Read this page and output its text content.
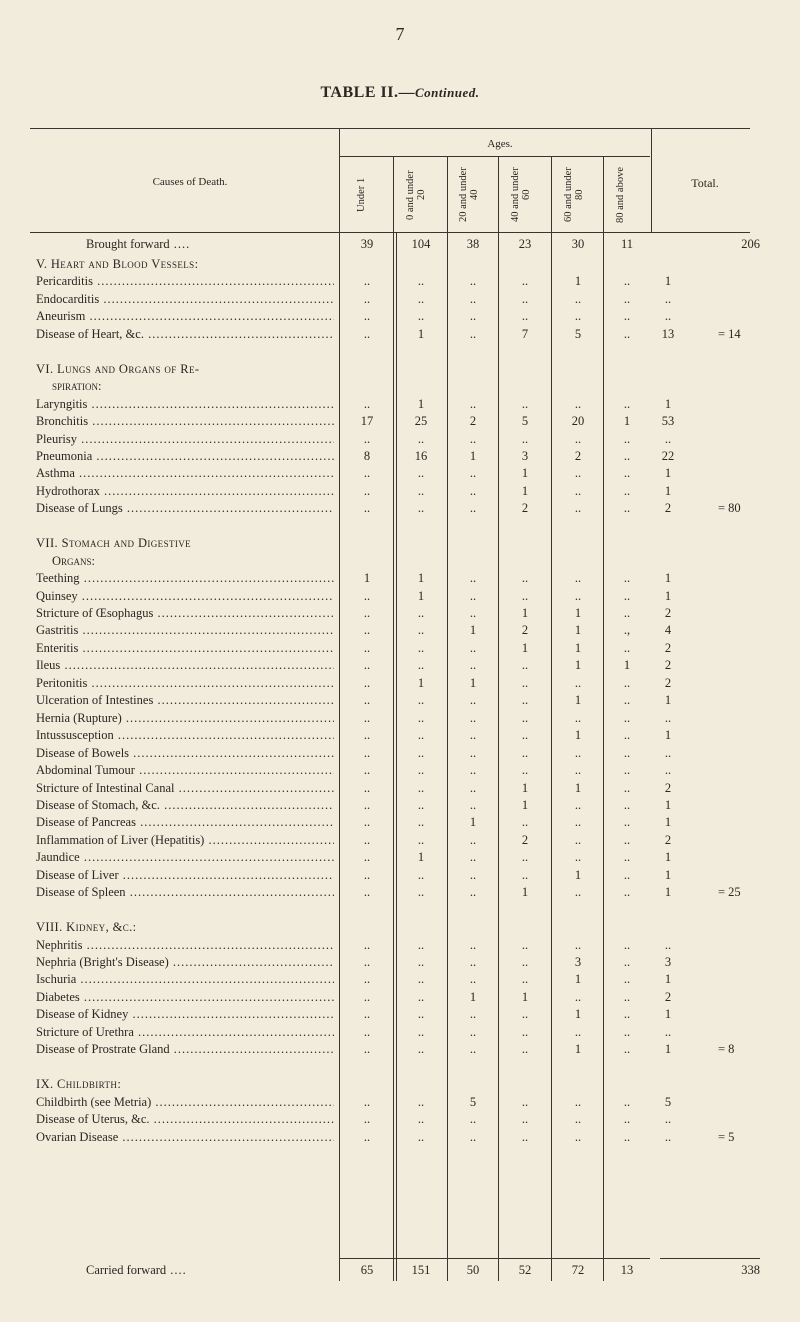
7
TABLE II.—Continued.
Causes of Death.
Ages.
Total.
Under 1	0 and under 20	20 and under 40	40 and under 60	60 and under 80	80 and above
Brought forward ....	39	104	38	23	30	11	206
V. Heart and Blood Vessels:
Pericarditis .....	..	..	..	..	1	..	1
Endocarditis .....	..	..	..	..	..	..	..
Aneurism .....	..	..	..	..	..	..	..
Disease of Heart, &c. .....	..	1	..	7	5	..	13	= 14
VI. Lungs and Organs of Re-
spiration:
Laryngitis .....	..	1	..	..	..	..	1
Bronchitis .....	17	25	2	5	20	1	53
Pleurisy .....	..	..	..	..	..	..	..
Pneumonia .....	8	16	1	3	2	..	22
Asthma .....	..	..	..	1	..	..	1
Hydrothorax .....	..	..	..	1	..	..	1
Disease of Lungs .....	..	..	..	2	..	..	2	= 80
VII. Stomach and Digestive
Organs:
Teething .....	1	1	..	..	..	..	1
Quinsey .....	..	1	..	..	..	..	1
Stricture of Œsophagus .....	..	..	..	1	1	..	2
Gastritis .....	..	..	1	2	1	.,	4
Enteritis .....	..	..	..	1	1	..	2
Ileus .....	..	..	..	..	1	1	2
Peritonitis .....	..	1	1	..	..	..	2
Ulceration of Intestines .....	..	..	..	..	1	..	1
Hernia (Rupture) .....	..	..	..	..	..	..	..
Intussusception .....	..	..	..	..	1	..	1
Disease of Bowels .....	..	..	..	..	..	..	..
Abdominal Tumour .....	..	..	..	..	..	..	..
Stricture of Intestinal Canal .....	..	..	..	1	1	..	2
Disease of Stomach, &c. .....	..	..	..	1	..	..	1
Disease of Pancreas .....	..	..	1	..	..	..	1
Inflammation of Liver (Hepatitis) .....	..	..	..	2	..	..	2
Jaundice .....	..	1	..	..	..	..	1
Disease of Liver .....	..	..	..	..	1	..	1
Disease of Spleen .....	..	..	..	1	..	..	1	= 25
VIII. Kidney, &c.:
Nephritis .....	..	..	..	..	..	..	..
Nephria (Bright's Disease) .....	..	..	..	..	3	..	3
Ischuria .....	..	..	..	..	1	..	1
Diabetes .....	..	..	1	1	..	..	2
Disease of Kidney .....	..	..	..	..	1	..	1
Stricture of Urethra .....	..	..	..	..	..	..	..
Disease of Prostrate Gland .....	..	..	..	..	1	..	1	= 8
IX. Childbirth:
Childbirth (see Metria) .....	..	..	5	..	..	..	5
Disease of Uterus, &c. .....	..	..	..	..	..	..	..
Ovarian Disease .....	..	..	..	..	..	..	..	= 5
Carried forward ....	65	151	50	52	72	13	338
